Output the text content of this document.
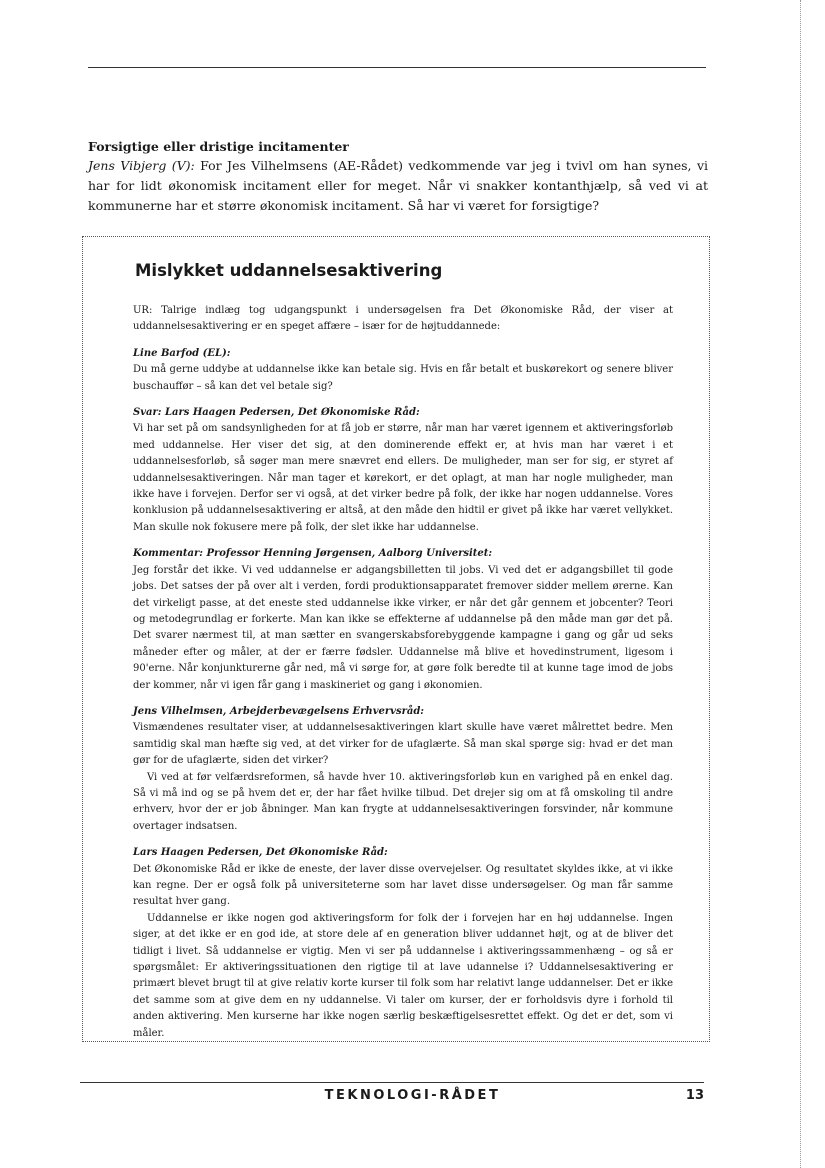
Forsigtige eller dristige incitamenter

Jens Vibjerg (V): For Jes Vilhelmsens (AE-Rådet) vedkommende var jeg i tvivl om han synes, vi har for lidt økonomisk incitament eller for meget. Når vi snakker kontanthjælp, så ved vi at kommunerne har et større økonomisk incitament. Så har vi været for forsigtige?

Mislykket uddannelsesaktivering

UR: Talrige indlæg tog udgangspunkt i undersøgelsen fra Det Økonomiske Råd, der viser at uddannelsesaktivering er en speget affære – især for de højtuddannede:

Line Barfod (EL):

Du må gerne uddybe at uddannelse ikke kan betale sig. Hvis en får betalt et buskørekort og senere bliver buschauffør – så kan det vel betale sig?

Svar: Lars Haagen Pedersen, Det Økonomiske Råd:

Vi har set på om sandsynligheden for at få job er større, når man har været igennem et aktiveringsforløb med uddannelse. Her viser det sig, at den dominerende effekt er, at hvis man har været i et uddannelsesforløb, så søger man mere snævret end ellers. De muligheder, man ser for sig, er styret af uddannelsesaktiveringen. Når man tager et kørekort, er det oplagt, at man har nogle muligheder, man ikke have i forvejen. Derfor ser vi også, at det virker bedre på folk, der ikke har nogen uddannelse. Vores konklusion på uddannelsesaktivering er altså, at den måde den hidtil er givet på ikke har været vellykket. Man skulle nok fokusere mere på folk, der slet ikke har uddannelse.

Kommentar: Professor Henning Jørgensen, Aalborg Universitet:

Jeg forstår det ikke. Vi ved uddannelse er adgangsbilletten til jobs. Vi ved det er adgangsbillet til gode jobs. Det satses der på over alt i verden, fordi produktionsapparatet fremover sidder mellem ørerne. Kan det virkeligt passe, at det eneste sted uddannelse ikke virker, er når det går gennem et jobcenter? Teori og metodegrundlag er forkerte. Man kan ikke se effekterne af uddannelse på den måde man gør det på. Det svarer nærmest til, at man sætter en svangerskabsforebyggende kampagne i gang og går ud seks måneder efter og måler, at der er færre fødsler. Uddannelse må blive et hovedinstrument, ligesom i 90'erne. Når konjunkturerne går ned, må vi sørge for, at gøre folk beredte til at kunne tage imod de jobs der kommer, når vi igen får gang i maskineriet og gang i økonomien.

Jens Vilhelmsen, Arbejderbevægelsens Erhvervsråd:

Vismændenes resultater viser, at uddannelsesaktiveringen klart skulle have været målrettet bedre. Men samtidig skal man hæfte sig ved, at det virker for de ufaglærte. Så man skal spørge sig: hvad er det man gør for de ufaglærte, siden det virker?

Vi ved at før velfærdsreformen, så havde hver 10. aktiveringsforløb kun en varighed på en enkel dag. Så vi må ind og se på hvem det er, der har fået hvilke tilbud. Det drejer sig om at få omskoling til andre erhverv, hvor der er job åbninger. Man kan frygte at uddannelsesaktiveringen forsvinder, når kommune overtager indsatsen.

Lars Haagen Pedersen, Det Økonomiske Råd:

Det Økonomiske Råd er ikke de eneste, der laver disse overvejelser. Og resultatet skyldes ikke, at vi ikke kan regne. Der er også folk på universiteterne som har lavet disse undersøgelser. Og man får samme resultat hver gang.

Uddannelse er ikke nogen god aktiveringsform for folk der i forvejen har en høj uddannelse. Ingen siger, at det ikke er en god ide, at store dele af en generation bliver uddannet højt, og at de bliver det tidligt i livet. Så uddannelse er vigtig. Men vi ser på uddannelse i aktiveringssammenhæng – og så er spørgsmålet: Er aktiveringssituationen den rigtige til at lave udannelse i? Uddannelsesaktivering er primært blevet brugt til at give relativ korte kurser til folk som har relativt lange uddannelser. Det er ikke det samme som at give dem en ny uddannelse. Vi taler om kurser, der er forholdsvis dyre i forhold til anden aktivering. Men kurserne har ikke nogen særlig beskæftigelsesrettet effekt. Og det er det, som vi måler.

TEKNOLOGI-RÅDET	13
